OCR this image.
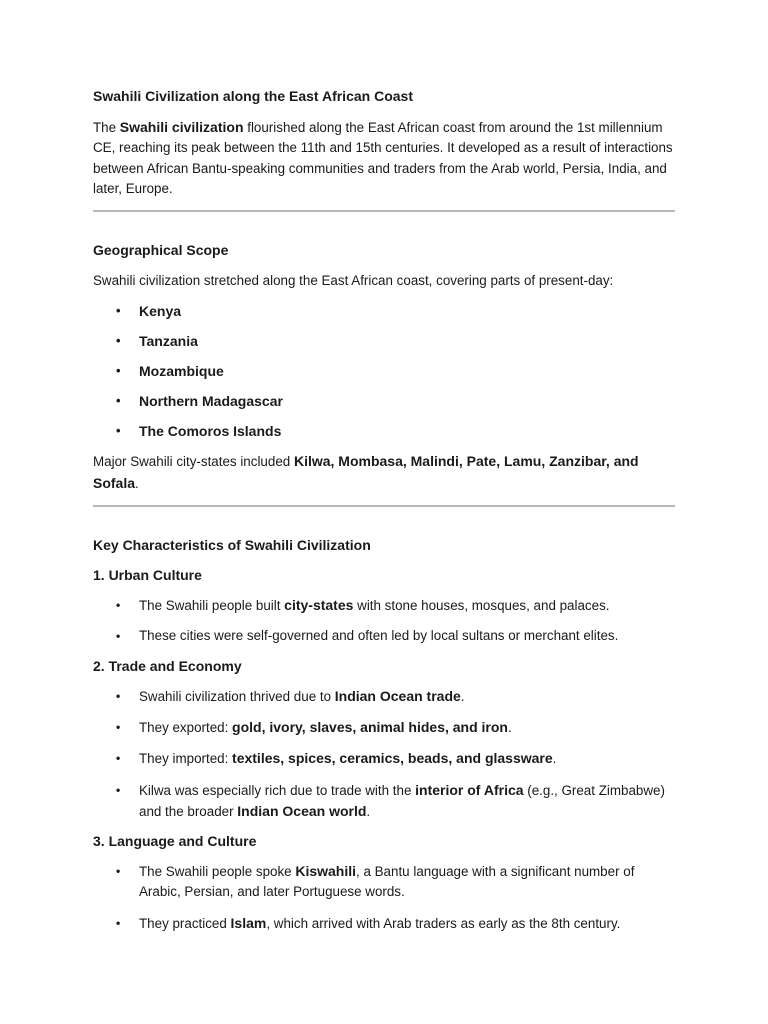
Swahili Civilization along the East African Coast

The Swahili civilization flourished along the East African coast from around the 1st millennium CE, reaching its peak between the 11th and 15th centuries. It developed as a result of interactions between African Bantu-speaking communities and traders from the Arab world, Persia, India, and later, Europe.

Geographical Scope

Swahili civilization stretched along the East African coast, covering parts of present-day:

• Kenya
• Tanzania
• Mozambique
• Northern Madagascar
• The Comoros Islands

Major Swahili city-states included Kilwa, Mombasa, Malindi, Pate, Lamu, Zanzibar, and Sofala.

Key Characteristics of Swahili Civilization
1. Urban Culture
• The Swahili people built city-states with stone houses, mosques, and palaces.
• These cities were self-governed and often led by local sultans or merchant elites.
2. Trade and Economy
• Swahili civilization thrived due to Indian Ocean trade.
• They exported: gold, ivory, slaves, animal hides, and iron.
• They imported: textiles, spices, ceramics, beads, and glassware.
• Kilwa was especially rich due to trade with the interior of Africa (e.g., Great Zimbabwe) and the broader Indian Ocean world.
3. Language and Culture
• The Swahili people spoke Kiswahili, a Bantu language with a significant number of Arabic, Persian, and later Portuguese words.
• They practiced Islam, which arrived with Arab traders as early as the 8th century.
